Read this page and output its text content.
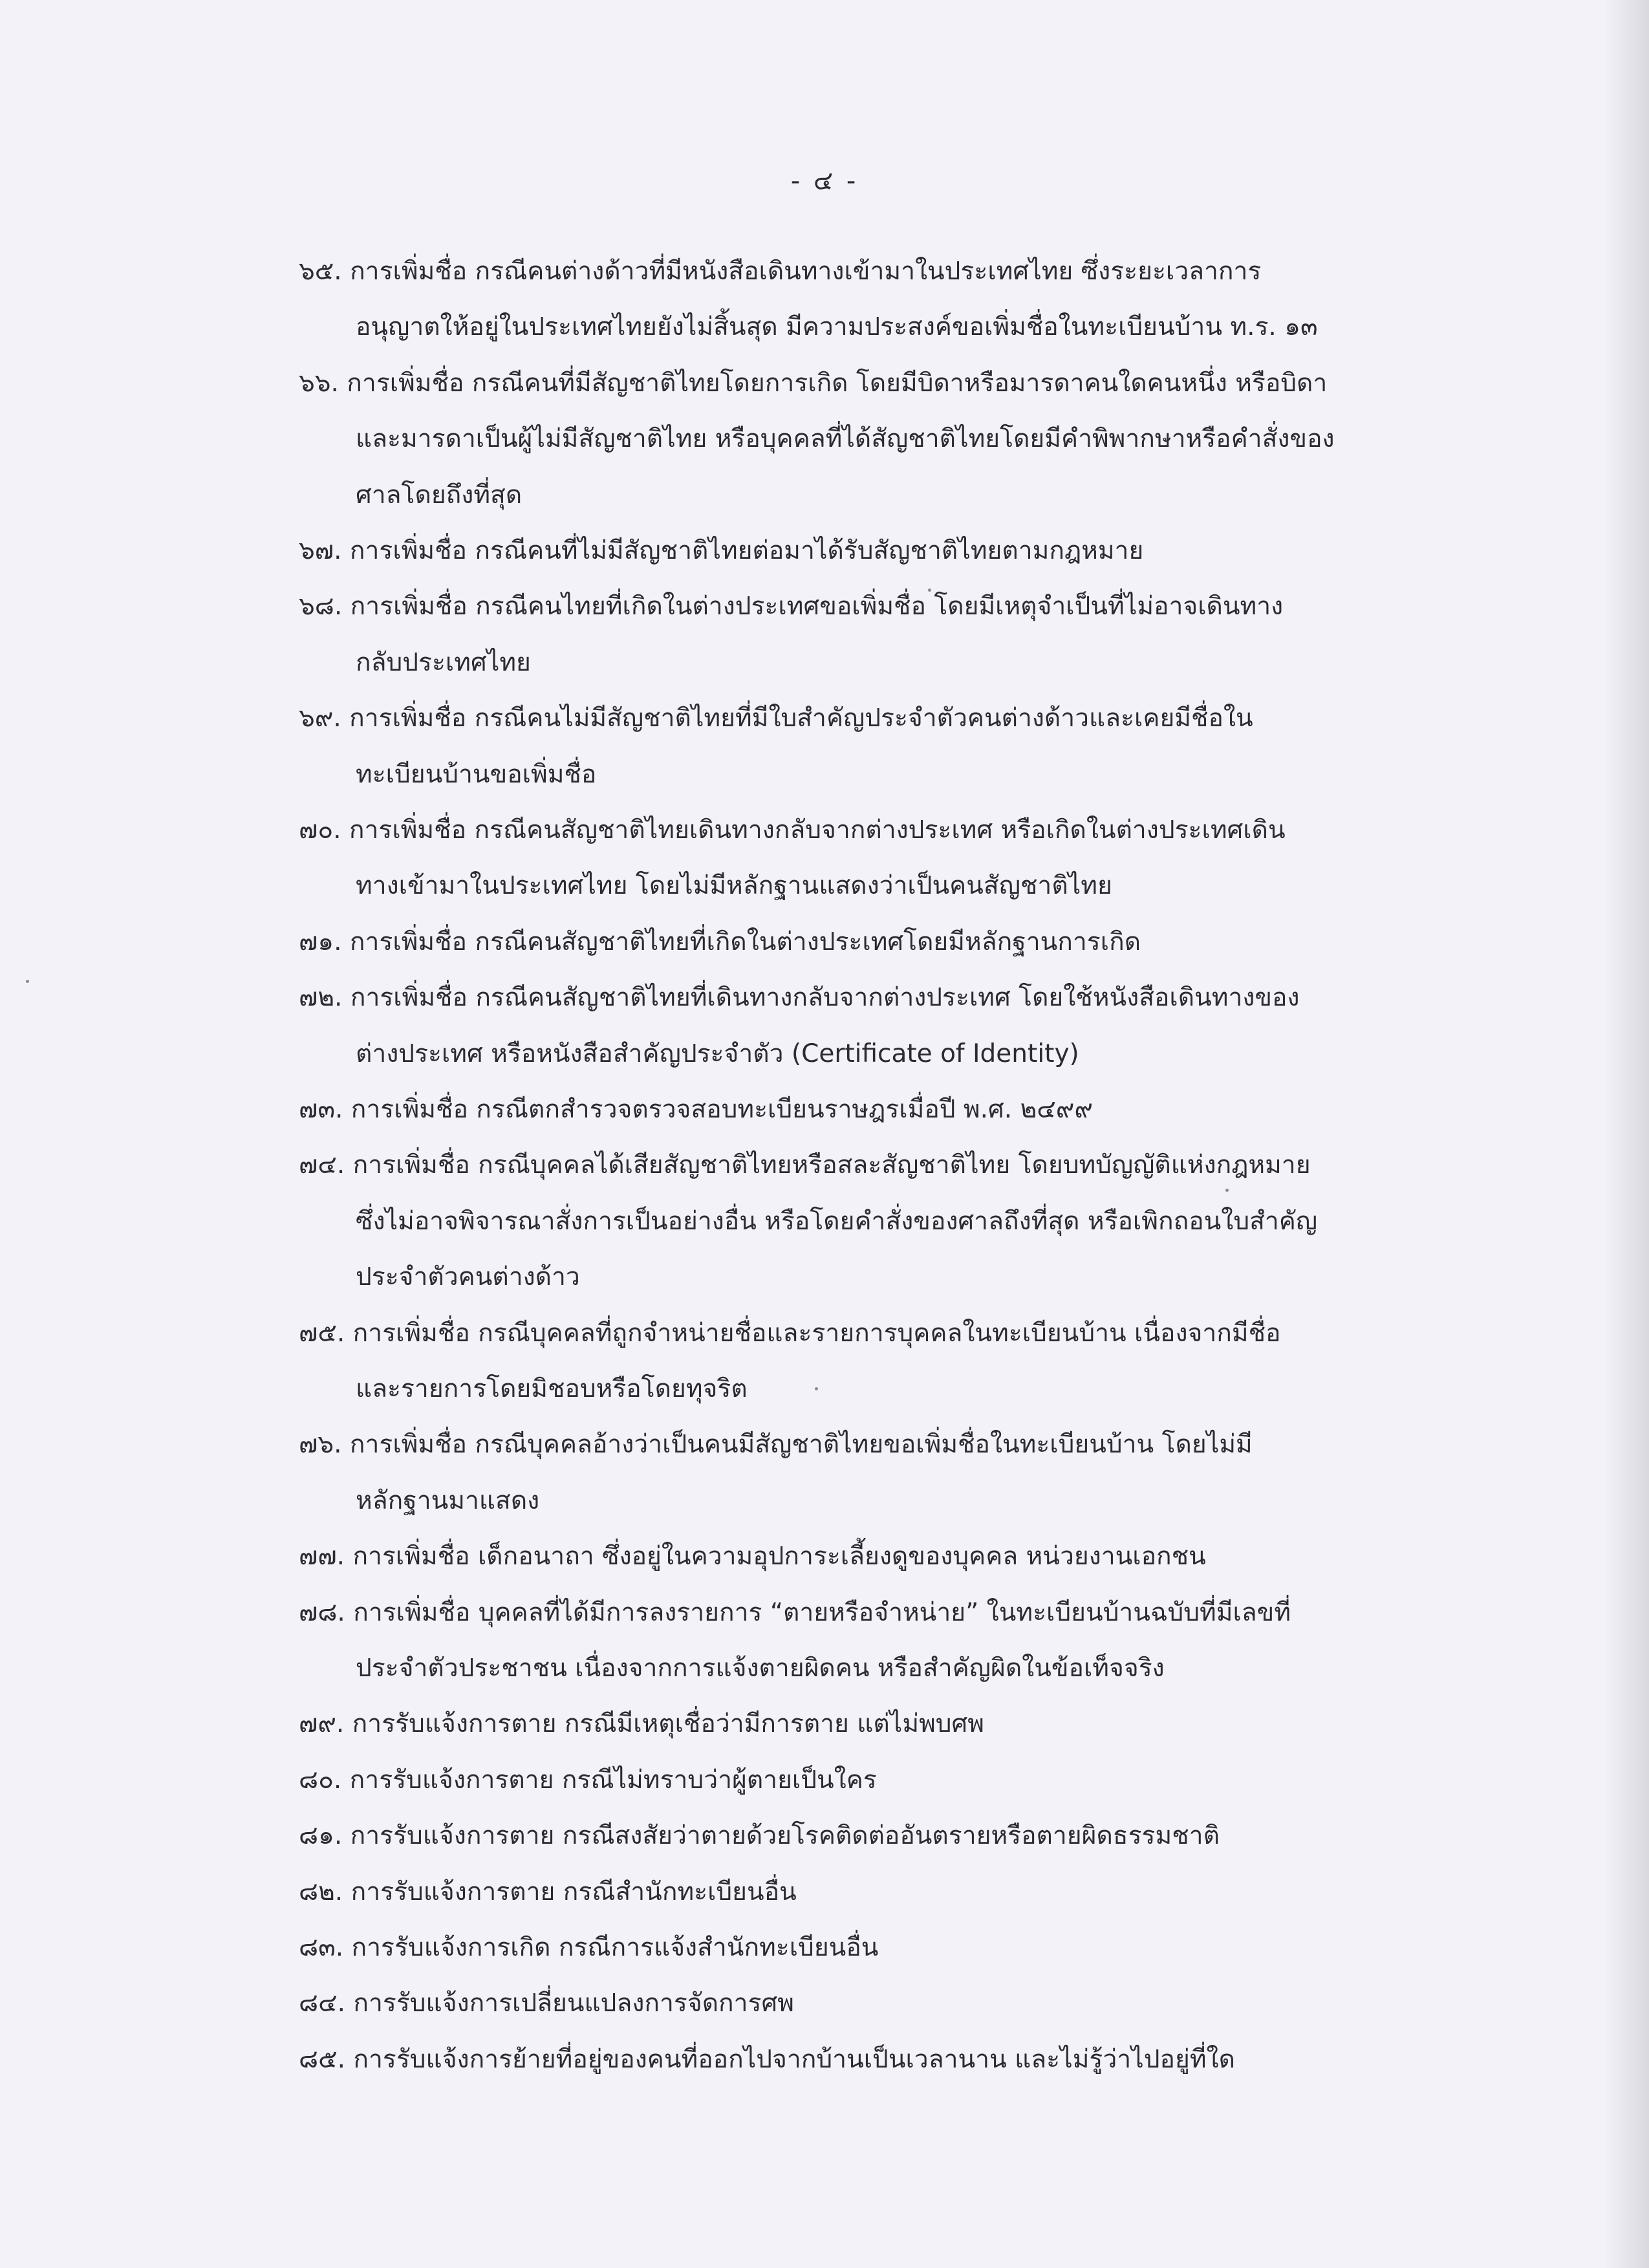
- ๔ -
๖๕. การเพิ่มชื่อ กรณีคนต่างด้าวที่มีหนังสือเดินทางเข้ามาในประเทศไทย ซึ่งระยะเวลาการ
อนุญาตให้อยู่ในประเทศไทยยังไม่สิ้นสุด มีความประสงค์ขอเพิ่มชื่อในทะเบียนบ้าน ท.ร. ๑๓
๖๖. การเพิ่มชื่อ กรณีคนที่มีสัญชาติไทยโดยการเกิด โดยมีบิดาหรือมารดาคนใดคนหนึ่ง หรือบิดา
และมารดาเป็นผู้ไม่มีสัญชาติไทย หรือบุคคลที่ได้สัญชาติไทยโดยมีคำพิพากษาหรือคำสั่งของ
ศาลโดยถึงที่สุด
๖๗. การเพิ่มชื่อ กรณีคนที่ไม่มีสัญชาติไทยต่อมาได้รับสัญชาติไทยตามกฎหมาย
๖๘. การเพิ่มชื่อ กรณีคนไทยที่เกิดในต่างประเทศขอเพิ่มชื่อ โดยมีเหตุจำเป็นที่ไม่อาจเดินทาง
กลับประเทศไทย
๖๙. การเพิ่มชื่อ กรณีคนไม่มีสัญชาติไทยที่มีใบสำคัญประจำตัวคนต่างด้าวและเคยมีชื่อใน
ทะเบียนบ้านขอเพิ่มชื่อ
๗๐. การเพิ่มชื่อ กรณีคนสัญชาติไทยเดินทางกลับจากต่างประเทศ หรือเกิดในต่างประเทศเดิน
ทางเข้ามาในประเทศไทย โดยไม่มีหลักฐานแสดงว่าเป็นคนสัญชาติไทย
๗๑. การเพิ่มชื่อ กรณีคนสัญชาติไทยที่เกิดในต่างประเทศโดยมีหลักฐานการเกิด
๗๒. การเพิ่มชื่อ กรณีคนสัญชาติไทยที่เดินทางกลับจากต่างประเทศ โดยใช้หนังสือเดินทางของ
ต่างประเทศ หรือหนังสือสำคัญประจำตัว (Certificate of Identity)
๗๓. การเพิ่มชื่อ กรณีตกสำรวจตรวจสอบทะเบียนราษฎรเมื่อปี พ.ศ. ๒๔๙๙
๗๔. การเพิ่มชื่อ กรณีบุคคลได้เสียสัญชาติไทยหรือสละสัญชาติไทย โดยบทบัญญัติแห่งกฎหมาย
ซึ่งไม่อาจพิจารณาสั่งการเป็นอย่างอื่น หรือโดยคำสั่งของศาลถึงที่สุด หรือเพิกถอนใบสำคัญ
ประจำตัวคนต่างด้าว
๗๕. การเพิ่มชื่อ กรณีบุคคลที่ถูกจำหน่ายชื่อและรายการบุคคลในทะเบียนบ้าน เนื่องจากมีชื่อ
และรายการโดยมิชอบหรือโดยทุจริต
๗๖. การเพิ่มชื่อ กรณีบุคคลอ้างว่าเป็นคนมีสัญชาติไทยขอเพิ่มชื่อในทะเบียนบ้าน โดยไม่มี
หลักฐานมาแสดง
๗๗. การเพิ่มชื่อ เด็กอนาถา ซึ่งอยู่ในความอุปการะเลี้ยงดูของบุคคล หน่วยงานเอกชน
๗๘. การเพิ่มชื่อ บุคคลที่ได้มีการลงรายการ “ตายหรือจำหน่าย” ในทะเบียนบ้านฉบับที่มีเลขที่
ประจำตัวประชาชน เนื่องจากการแจ้งตายผิดคน หรือสำคัญผิดในข้อเท็จจริง
๗๙. การรับแจ้งการตาย กรณีมีเหตุเชื่อว่ามีการตาย แต่ไม่พบศพ
๘๐. การรับแจ้งการตาย กรณีไม่ทราบว่าผู้ตายเป็นใคร
๘๑. การรับแจ้งการตาย กรณีสงสัยว่าตายด้วยโรคติดต่ออันตรายหรือตายผิดธรรมชาติ
๘๒. การรับแจ้งการตาย กรณีสำนักทะเบียนอื่น
๘๓. การรับแจ้งการเกิด กรณีการแจ้งสำนักทะเบียนอื่น
๘๔. การรับแจ้งการเปลี่ยนแปลงการจัดการศพ
๘๕. การรับแจ้งการย้ายที่อยู่ของคนที่ออกไปจากบ้านเป็นเวลานาน และไม่รู้ว่าไปอยู่ที่ใด
